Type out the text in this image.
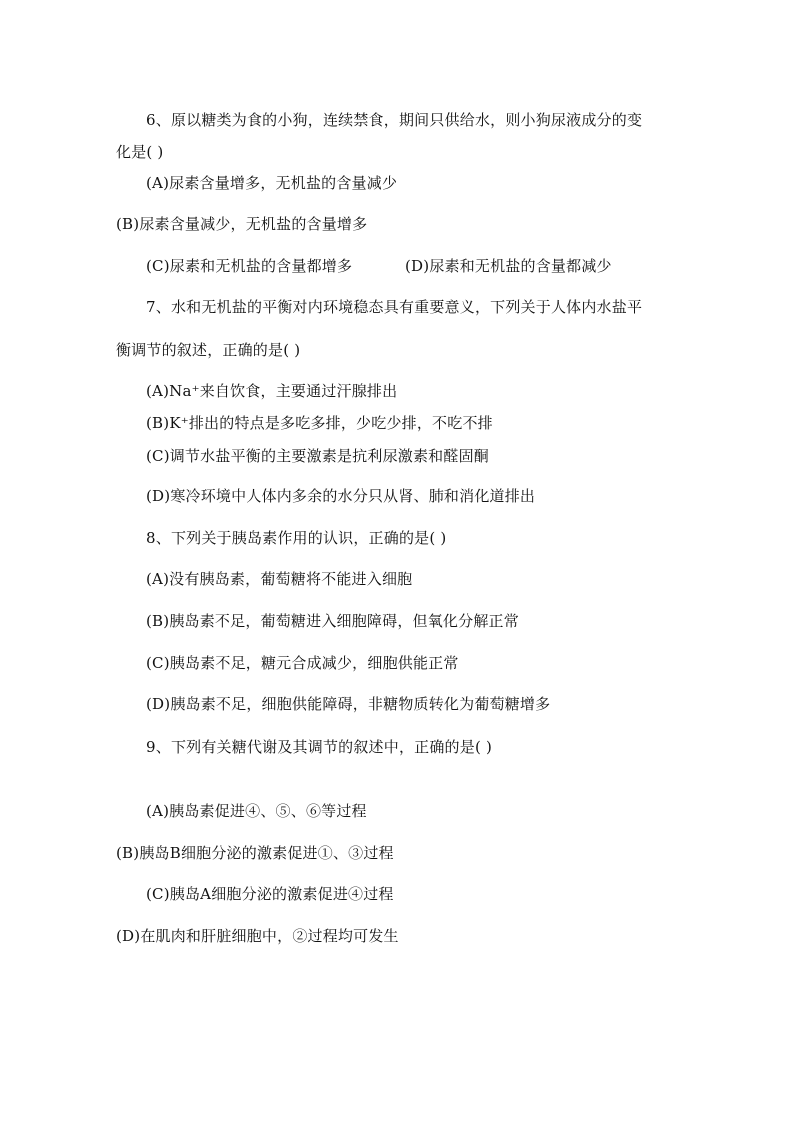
6、原以糖类为食的小狗，连续禁食，期间只供给水，则小狗尿液成分的变
化是( )
(A)尿素含量增多，无机盐的含量减少
(B)尿素含量减少，无机盐的含量增多
(C)尿素和无机盐的含量都增多	(D)尿素和无机盐的含量都减少
7、水和无机盐的平衡对内环境稳态具有重要意义，下列关于人体内水盐平
衡调节的叙述，正确的是( )
(A)Na⁺来自饮食，主要通过汗腺排出
(B)K⁺排出的特点是多吃多排，少吃少排，不吃不排
(C)调节水盐平衡的主要激素是抗利尿激素和醛固酮
(D)寒冷环境中人体内多余的水分只从肾、肺和消化道排出
8、下列关于胰岛素作用的认识，正确的是( )
(A)没有胰岛素，葡萄糖将不能进入细胞
(B)胰岛素不足，葡萄糖进入细胞障碍，但氧化分解正常
(C)胰岛素不足，糖元合成减少，细胞供能正常
(D)胰岛素不足，细胞供能障碍，非糖物质转化为葡萄糖增多
9、下列有关糖代谢及其调节的叙述中，正确的是( )
(A)胰岛素促进④、⑤、⑥等过程
(B)胰岛B细胞分泌的激素促进①、③过程
(C)胰岛A细胞分泌的激素促进④过程
(D)在肌肉和肝脏细胞中，②过程均可发生
